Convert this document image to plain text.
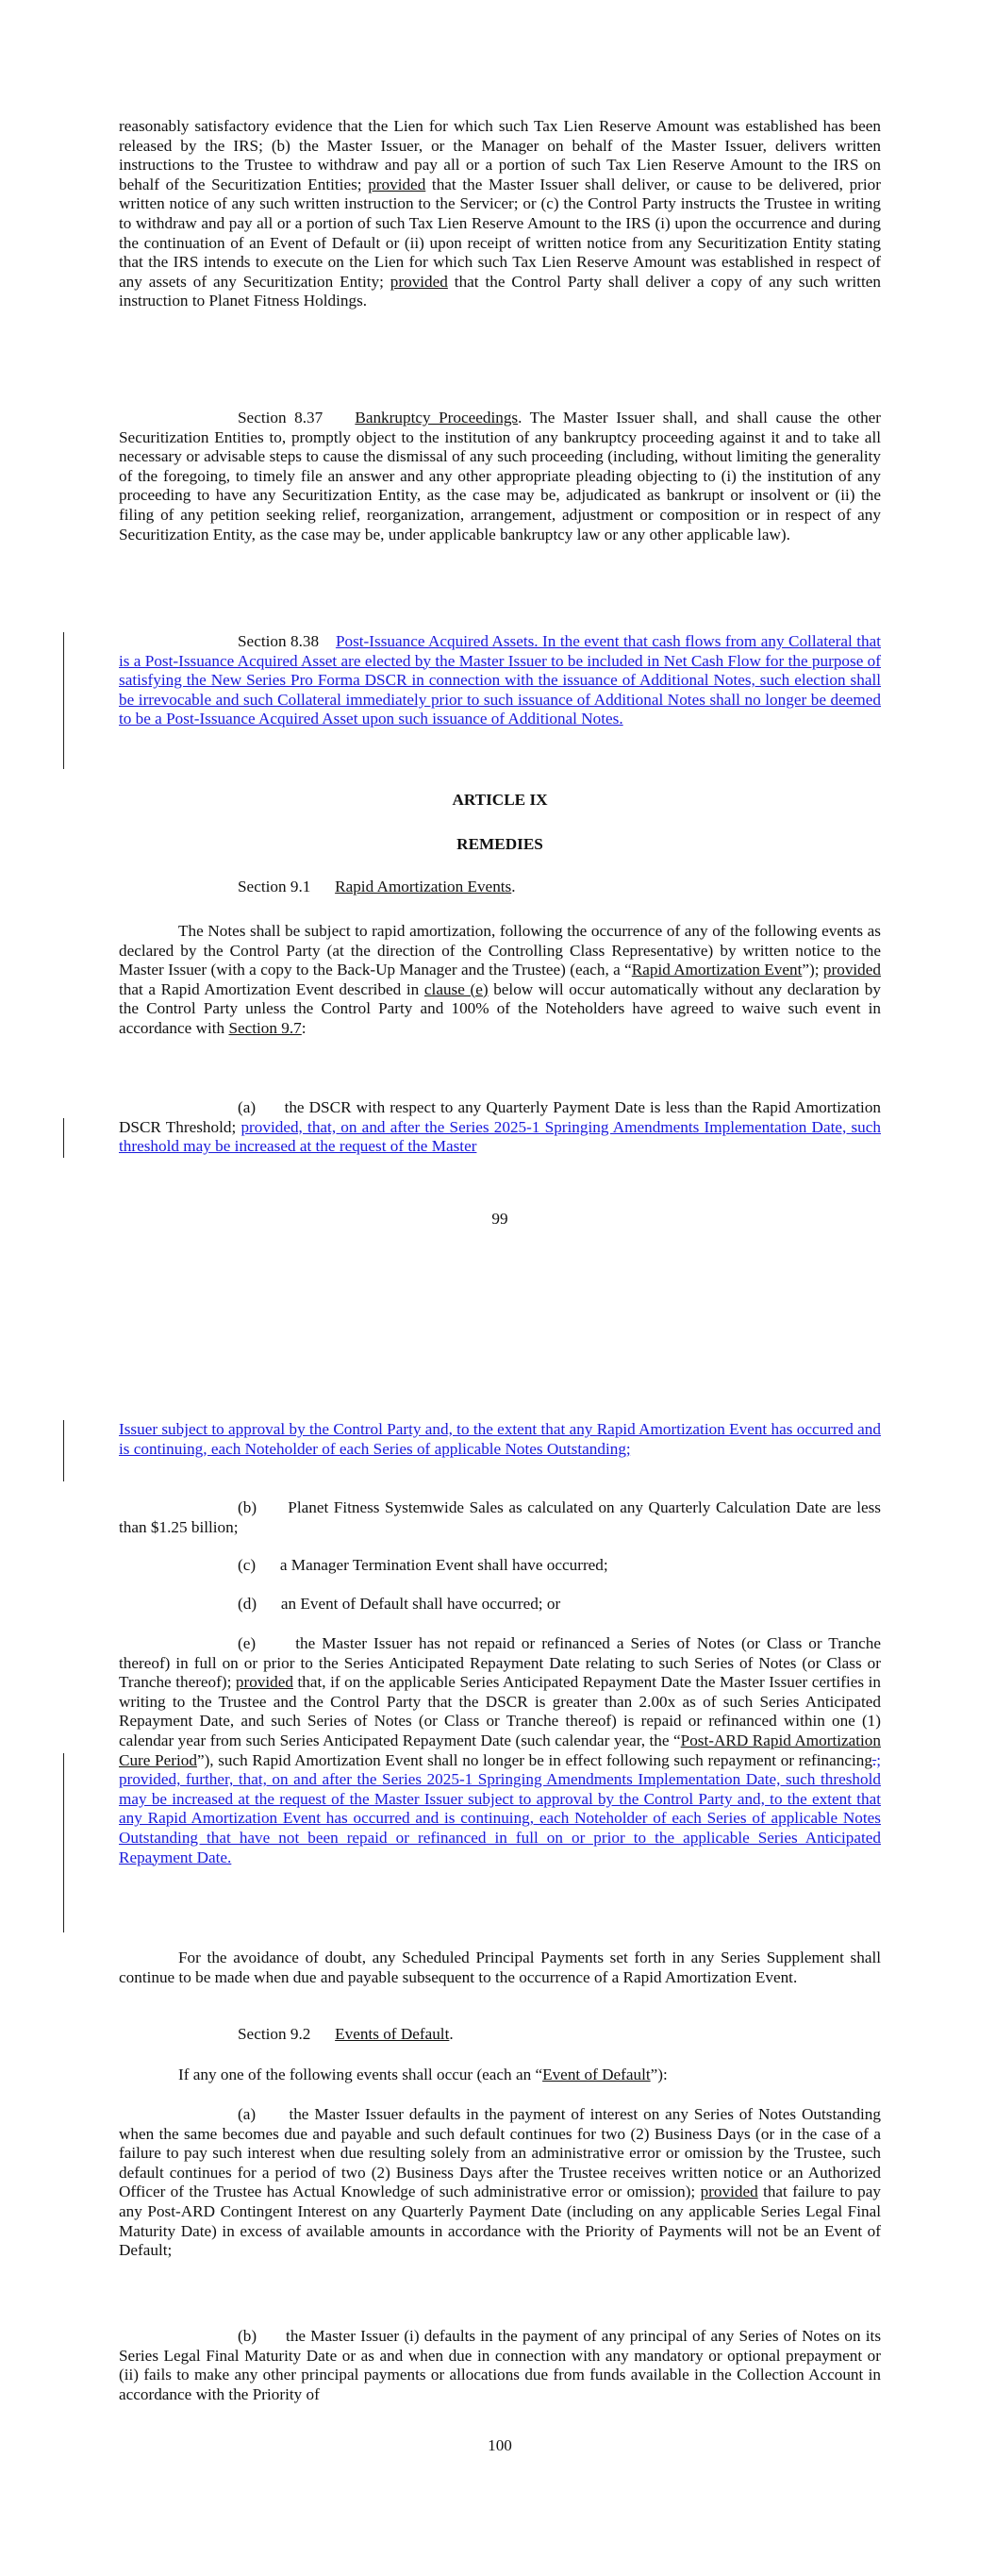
reasonably satisfactory evidence that the Lien for which such Tax Lien Reserve Amount was established has been released by the IRS; (b) the Master Issuer, or the Manager on behalf of the Master Issuer, delivers written instructions to the Trustee to withdraw and pay all or a portion of such Tax Lien Reserve Amount to the IRS on behalf of the Securitization Entities; provided that the Master Issuer shall deliver, or cause to be delivered, prior written notice of any such written instruction to the Servicer; or (c) the Control Party instructs the Trustee in writing to withdraw and pay all or a portion of such Tax Lien Reserve Amount to the IRS (i) upon the occurrence and during the continuation of an Event of Default or (ii) upon receipt of written notice from any Securitization Entity stating that the IRS intends to execute on the Lien for which such Tax Lien Reserve Amount was established in respect of any assets of any Securitization Entity; provided that the Control Party shall deliver a copy of any such written instruction to Planet Fitness Holdings.

Section 8.37 Bankruptcy Proceedings. The Master Issuer shall, and shall cause the other Securitization Entities to, promptly object to the institution of any bankruptcy proceeding against it and to take all necessary or advisable steps to cause the dismissal of any such proceeding (including, without limiting the generality of the foregoing, to timely file an answer and any other appropriate pleading objecting to (i) the institution of any proceeding to have any Securitization Entity, as the case may be, adjudicated as bankrupt or insolvent or (ii) the filing of any petition seeking relief, reorganization, arrangement, adjustment or composition or in respect of any Securitization Entity, as the case may be, under applicable bankruptcy law or any other applicable law).

Section 8.38 Post-Issuance Acquired Assets. In the event that cash flows from any Collateral that is a Post-Issuance Acquired Asset are elected by the Master Issuer to be included in Net Cash Flow for the purpose of satisfying the New Series Pro Forma DSCR in connection with the issuance of Additional Notes, such election shall be irrevocable and such Collateral immediately prior to such issuance of Additional Notes shall no longer be deemed to be a Post-Issuance Acquired Asset upon such issuance of Additional Notes.

ARTICLE IX

REMEDIES

Section 9.1 Rapid Amortization Events.

The Notes shall be subject to rapid amortization, following the occurrence of any of the following events as declared by the Control Party (at the direction of the Controlling Class Representative) by written notice to the Master Issuer (with a copy to the Back-Up Manager and the Trustee) (each, a “Rapid Amortization Event”); provided that a Rapid Amortization Event described in clause (e) below will occur automatically without any declaration by the Control Party unless the Control Party and 100% of the Noteholders have agreed to waive such event in accordance with Section 9.7:

(a) the DSCR with respect to any Quarterly Payment Date is less than the Rapid Amortization DSCR Threshold; provided, that, on and after the Series 2025-1 Springing Amendments Implementation Date, such threshold may be increased at the request of the Master

99

Issuer subject to approval by the Control Party and, to the extent that any Rapid Amortization Event has occurred and is continuing, each Noteholder of each Series of applicable Notes Outstanding;

(b) Planet Fitness Systemwide Sales as calculated on any Quarterly Calculation Date are less than $1.25 billion;

(c) a Manager Termination Event shall have occurred;

(d) an Event of Default shall have occurred; or

(e) the Master Issuer has not repaid or refinanced a Series of Notes (or Class or Tranche thereof) in full on or prior to the Series Anticipated Repayment Date relating to such Series of Notes (or Class or Tranche thereof); provided that, if on the applicable Series Anticipated Repayment Date the Master Issuer certifies in writing to the Trustee and the Control Party that the DSCR is greater than 2.00x as of such Series Anticipated Repayment Date, and such Series of Notes (or Class or Tranche thereof) is repaid or refinanced within one (1) calendar year from such Series Anticipated Repayment Date (such calendar year, the “Post-ARD Rapid Amortization Cure Period”), such Rapid Amortization Event shall no longer be in effect following such repayment or refinancing.; provided, further, that, on and after the Series 2025-1 Springing Amendments Implementation Date, such threshold may be increased at the request of the Master Issuer subject to approval by the Control Party and, to the extent that any Rapid Amortization Event has occurred and is continuing, each Noteholder of each Series of applicable Notes Outstanding that have not been repaid or refinanced in full on or prior to the applicable Series Anticipated Repayment Date.

For the avoidance of doubt, any Scheduled Principal Payments set forth in any Series Supplement shall continue to be made when due and payable subsequent to the occurrence of a Rapid Amortization Event.

Section 9.2 Events of Default.

If any one of the following events shall occur (each an “Event of Default”):

(a) the Master Issuer defaults in the payment of interest on any Series of Notes Outstanding when the same becomes due and payable and such default continues for two (2) Business Days (or in the case of a failure to pay such interest when due resulting solely from an administrative error or omission by the Trustee, such default continues for a period of two (2) Business Days after the Trustee receives written notice or an Authorized Officer of the Trustee has Actual Knowledge of such administrative error or omission); provided that failure to pay any Post-ARD Contingent Interest on any Quarterly Payment Date (including on any applicable Series Legal Final Maturity Date) in excess of available amounts in accordance with the Priority of Payments will not be an Event of Default;

(b) the Master Issuer (i) defaults in the payment of any principal of any Series of Notes on its Series Legal Final Maturity Date or as and when due in connection with any mandatory or optional prepayment or (ii) fails to make any other principal payments or allocations due from funds available in the Collection Account in accordance with the Priority of

100
